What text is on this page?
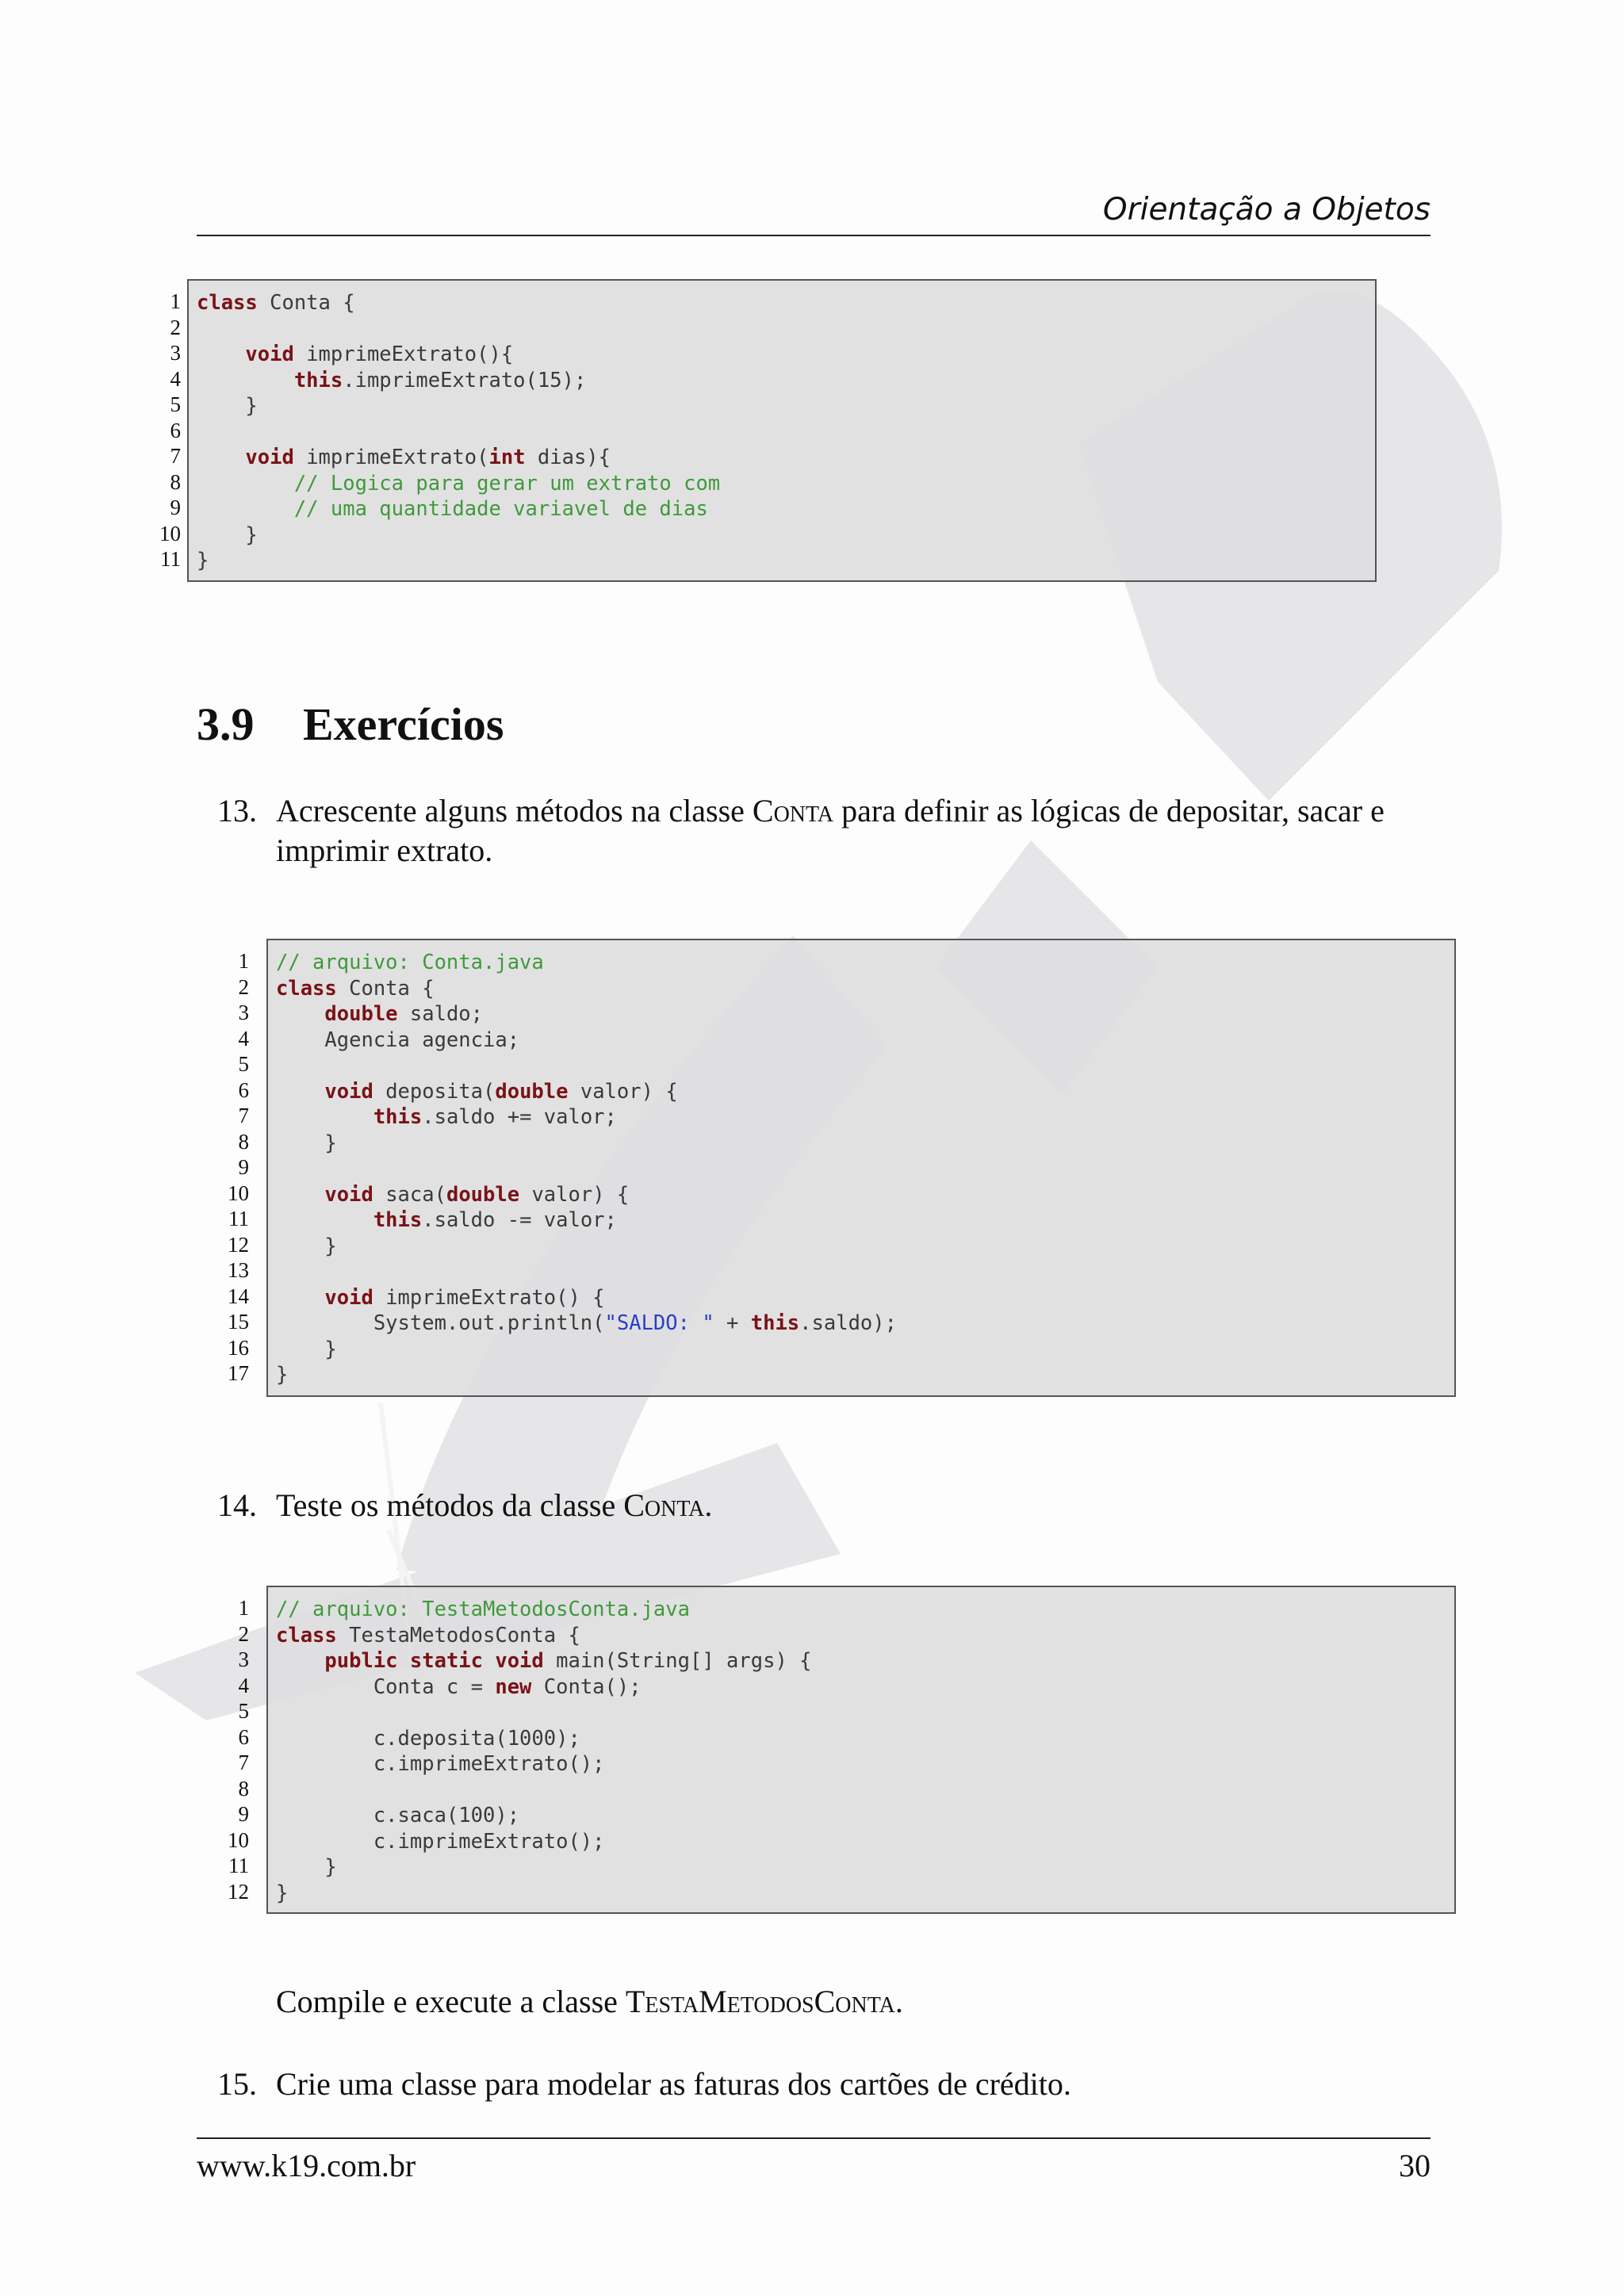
Orientação a Objetos
1
2
3
4
5
6
7
8
9
10
11
class Conta {
void imprimeExtrato(){
this.imprimeExtrato(15);
}
void imprimeExtrato(int dias){
// Logica para gerar um extrato com
// uma quantidade variavel de dias
}
}
3.9 Exercícios
13. Acrescente alguns métodos na classe Conta para definir as lógicas de depositar, sacar e imprimir extrato.
1
2
3
4
5
6
7
8
9
10
11
12
13
14
15
16
17
// arquivo: Conta.java
class Conta {
double saldo;
Agencia agencia;
void deposita(double valor) {
this.saldo += valor;
}
void saca(double valor) {
this.saldo -= valor;
}
void imprimeExtrato() {
System.out.println("SALDO: " + this.saldo);
}
}
14. Teste os métodos da classe Conta.
1
2
3
4
5
6
7
8
9
10
11
12
// arquivo: TestaMetodosConta.java
class TestaMetodosConta {
public static void main(String[] args) {
Conta c = new Conta();
c.deposita(1000);
c.imprimeExtrato();
c.saca(100);
c.imprimeExtrato();
}
}
Compile e execute a classe TestaMetodosConta.
15. Crie uma classe para modelar as faturas dos cartões de crédito.
www.k19.com.br	30
